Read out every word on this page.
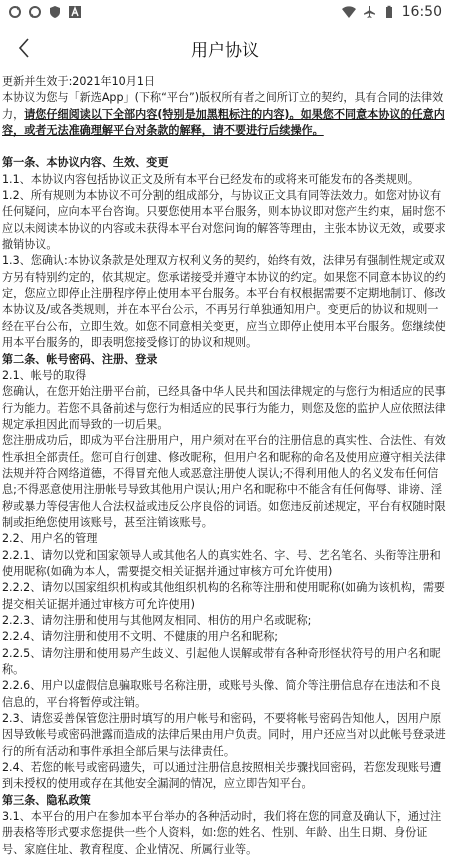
16:50
用户协议

更新并生效于:2021年10月1日

本协议为您与「新选App」(下称“平台”)版权所有者之间所订立的契约，具有合同的法律效力，请您仔细阅读以下全部内容(特别是加黑粗标注的内容)。如果您不同意本协议的任意内容，或者无法准确理解平台对条款的解释，请不要进行后续操作。

第一条、本协议内容、生效、变更

1.1、本协议内容包括协议正文及所有本平台已经发布的或将来可能发布的各类规则。

1.2、所有规则为本协议不可分割的组成部分，与协议正文具有同等法效力。如您对协议有任何疑问，应向本平台咨询。只要您使用本平台服务，则本协议即对您产生约束，届时您不应以未阅读本协议的内容或未获得本平台对您问询的解答等理由，主张本协议无效，或要求撤销协议。

1.3、您确认:本协议条款是处理双方权利义务的契约，始终有效，法律另有强制性规定或双方另有特别约定的，依其规定。您承诺接受并遵守本协议的约定。如果您不同意本协议的约定，您应立即停止注册程序停止使用本平台服务。本平台有权根据需要不定期地制订、修改本协议及/或各类规则，并在本平台公示，不再另行单独通知用户。变更后的协议和规则一经在平台公布，立即生效。如您不同意相关变更，应当立即停止使用本平台服务。您继续使用本平台服务的，即表明您接受修订的协议和规则。

第二条、帐号密码、注册、登录

2.1、帐号的取得

您确认，在您开始注册平台前，已经具备中华人民共和国法律规定的与您行为相适应的民事行为能力。若您不具备前述与您行为相适应的民事行为能力，则您及您的监护人应依照法律规定承担因此而导致的一切后果。

您注册成功后，即成为平台注册用户，用户须对在平台的注册信息的真实性、合法性、有效性承担全部责任。您可自行创建、修改昵称，但用户名和昵称的命名及使用应遵守相关法律法规并符合网络道德，不得冒充他人或恶意注册使人误认;不得利用他人的名义发布任何信息;不得恶意使用注册帐号导致其他用户误认;用户名和昵称中不能含有任何侮辱、诽谤、淫秽或暴力等侵害他人合法权益或违反公序良俗的词语。如您违反前述规定，平台有权随时限制或拒绝您使用该账号，甚至注销该账号。

2.2、用户名的管理

2.2.1、请勿以党和国家领导人或其他名人的真实姓名、字、号、艺名笔名、头衔等注册和使用昵称(如确为本人，需要提交相关证据并通过审核方可允许使用)

2.2.2、请勿以国家组织机构或其他组织机构的名称等注册和使用昵称(如确为该机构，需要提交相关证据并通过审核方可允许使用)

2.2.3、请勿注册和使用与其他网友相同、相仿的用户名或昵称;

2.2.4、请勿注册和使用不文明、不健康的用户名和昵称;

2.2.5、请勿注册和使用易产生歧义、引起他人误解或带有各种奇形怪状符号的用户名和昵称。

2.2.6、用户以虚假信息骗取账号名称注册，或账号头像、简介等注册信息存在违法和不良信息的，平台将暂停或注销。

2.3、请您妥善保管您注册时填写的用户帐号和密码，不要将帐号密码告知他人，因用户原因导致帐号或密码泄露而造成的法律后果由用户负责。同时，用户还应当对以此帐号登录进行的所有活动和事件承担全部后果与法律责任。

2.4、若您的帐号或密码遗失，可以通过注册信息按照相关步骤找回密码，若您发现账号遭到未授权的使用或存在其他安全漏洞的情况，应立即告知平台。

第三条、隐私政策

3.1、本平台的用户在参加本平台举办的各种活动时，我们将在您的同意及确认下，通过注册表格等形式要求您提供一些个人资料，如:您的姓名、性别、年龄、出生日期、身份证号、家庭住址、教育程度、企业情况、所属行业等。
